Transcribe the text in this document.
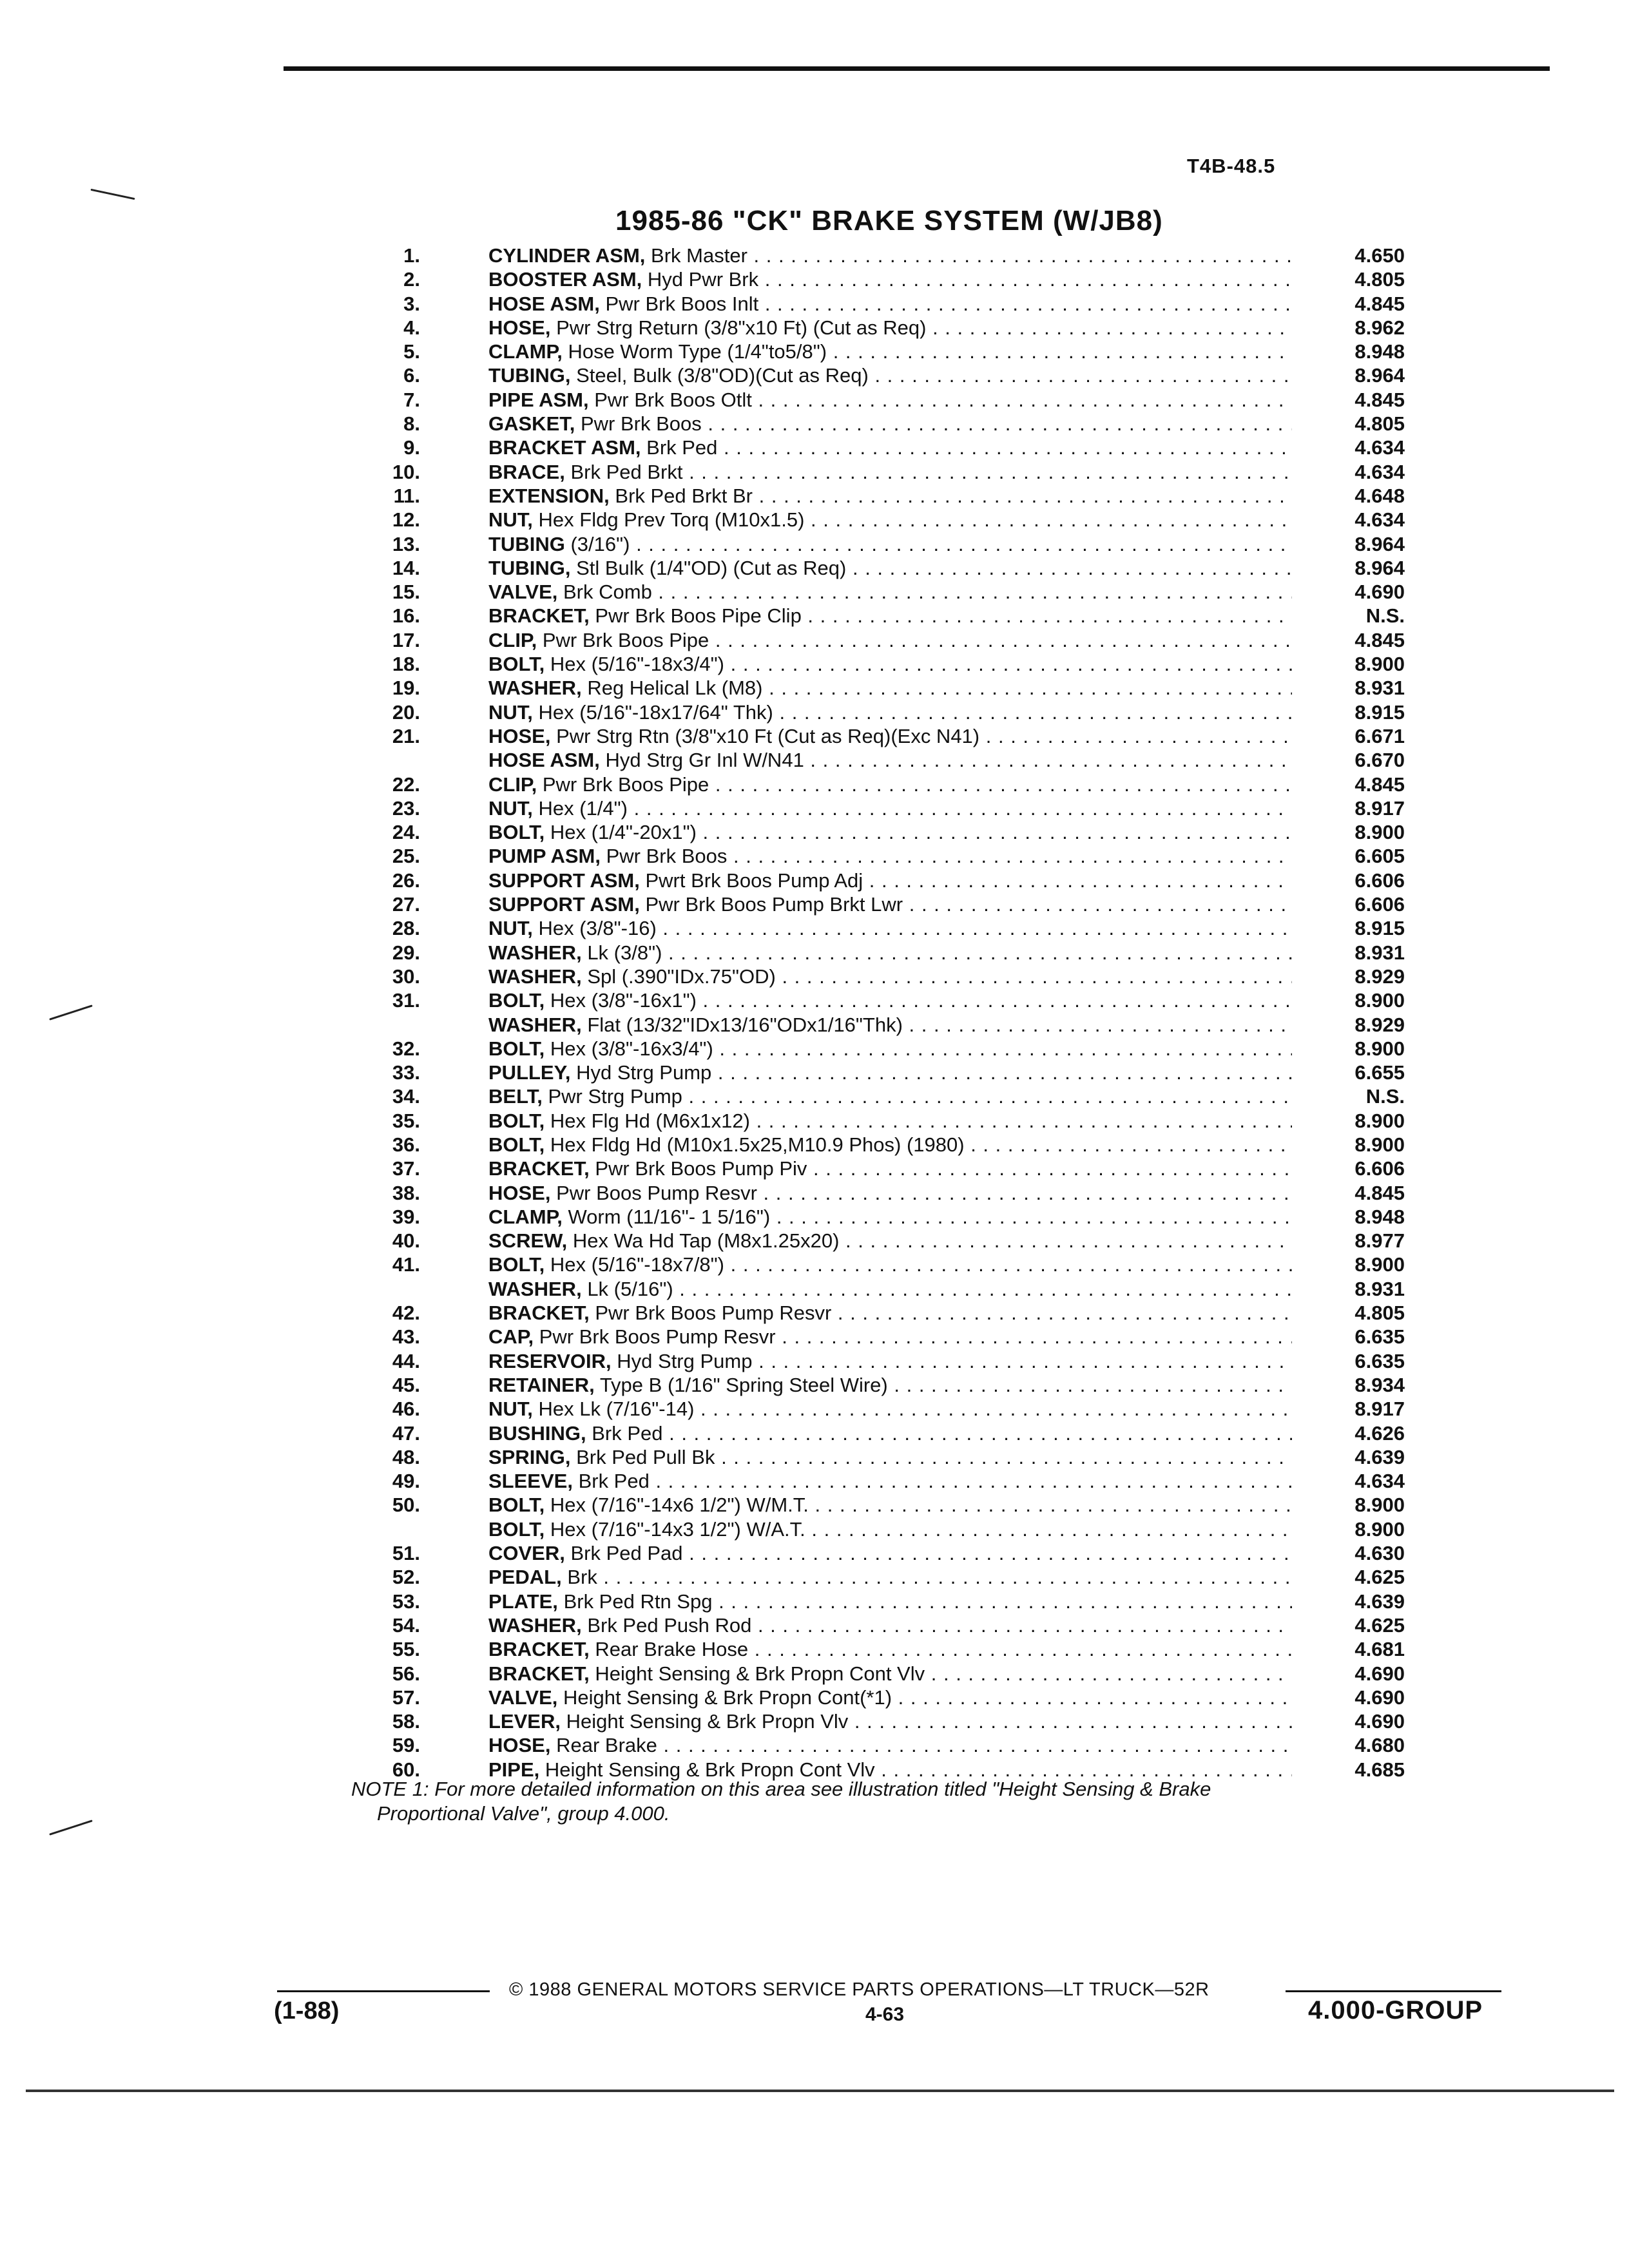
T4B-48.5
1985-86 "CK" BRAKE SYSTEM (W/JB8)
1.	CYLINDER ASM, Brk Master . . .	4.650
2.	BOOSTER ASM, Hyd Pwr Brk . . .	4.805
3.	HOSE ASM, Pwr Brk Boos Inlt . . .	4.845
4.	HOSE, Pwr Strg Return (3/8"x10 Ft) (Cut as Req) . . .	8.962
5.	CLAMP, Hose Worm Type (1/4"to5/8") . . .	8.948
6.	TUBING, Steel, Bulk (3/8"OD)(Cut as Req) . . .	8.964
7.	PIPE ASM, Pwr Brk Boos Otlt . . .	4.845
8.	GASKET, Pwr Brk Boos . . .	4.805
9.	BRACKET ASM, Brk Ped . . .	4.634
10.	BRACE, Brk Ped Brkt . . .	4.634
11.	EXTENSION, Brk Ped Brkt Br . . .	4.648
12.	NUT, Hex Fldg Prev Torq (M10x1.5) . . .	4.634
13.	TUBING (3/16") . . .	8.964
14.	TUBING, Stl Bulk (1/4"OD) (Cut as Req) . . .	8.964
15.	VALVE, Brk Comb . . .	4.690
16.	BRACKET, Pwr Brk Boos Pipe Clip . . .	N.S.
17.	CLIP, Pwr Brk Boos Pipe . . .	4.845
18.	BOLT, Hex (5/16"-18x3/4") . . .	8.900
19.	WASHER, Reg Helical Lk (M8) . . .	8.931
20.	NUT, Hex (5/16"-18x17/64" Thk) . . .	8.915
21.	HOSE, Pwr Strg Rtn (3/8"x10 Ft (Cut as Req)(Exc N41) . . .	6.671
HOSE ASM, Hyd Strg Gr Inl W/N41 . . .	6.670
22.	CLIP, Pwr Brk Boos Pipe . . .	4.845
23.	NUT, Hex (1/4") . . .	8.917
24.	BOLT, Hex (1/4"-20x1") . . .	8.900
25.	PUMP ASM, Pwr Brk Boos . . .	6.605
26.	SUPPORT ASM, Pwrt Brk Boos Pump Adj . . .	6.606
27.	SUPPORT ASM, Pwr Brk Boos Pump Brkt Lwr . . .	6.606
28.	NUT, Hex (3/8"-16) . . .	8.915
29.	WASHER, Lk (3/8") . . .	8.931
30.	WASHER, Spl (.390"IDx.75"OD) . . .	8.929
31.	BOLT, Hex (3/8"-16x1") . . .	8.900
WASHER, Flat (13/32"IDx13/16"ODx1/16"Thk) . . .	8.929
32.	BOLT, Hex (3/8"-16x3/4") . . .	8.900
33.	PULLEY, Hyd Strg Pump . . .	6.655
34.	BELT, Pwr Strg Pump . . .	N.S.
35.	BOLT, Hex Flg Hd (M6x1x12) . . .	8.900
36.	BOLT, Hex Fldg Hd (M10x1.5x25,M10.9 Phos) (1980) . . .	8.900
37.	BRACKET, Pwr Brk Boos Pump Piv . . .	6.606
38.	HOSE, Pwr Boos Pump Resvr . . .	4.845
39.	CLAMP, Worm (11/16"- 1 5/16") . . .	8.948
40.	SCREW, Hex Wa Hd Tap (M8x1.25x20) . . .	8.977
41.	BOLT, Hex (5/16"-18x7/8") . . .	8.900
WASHER, Lk (5/16") . . .	8.931
42.	BRACKET, Pwr Brk Boos Pump Resvr . . .	4.805
43.	CAP, Pwr Brk Boos Pump Resvr . . .	6.635
44.	RESERVOIR, Hyd Strg Pump . . .	6.635
45.	RETAINER, Type B (1/16" Spring Steel Wire) . . .	8.934
46.	NUT, Hex Lk (7/16"-14) . . .	8.917
47.	BUSHING, Brk Ped . . .	4.626
48.	SPRING, Brk Ped Pull Bk . . .	4.639
49.	SLEEVE, Brk Ped . . .	4.634
50.	BOLT, Hex (7/16"-14x6 1/2") W/M.T. . . .	8.900
BOLT, Hex (7/16"-14x3 1/2") W/A.T. . . .	8.900
51.	COVER, Brk Ped Pad . . .	4.630
52.	PEDAL, Brk . . .	4.625
53.	PLATE, Brk Ped Rtn Spg . . .	4.639
54.	WASHER, Brk Ped Push Rod . . .	4.625
55.	BRACKET, Rear Brake Hose . . .	4.681
56.	BRACKET, Height Sensing & Brk Propn Cont Vlv . . .	4.690
57.	VALVE, Height Sensing & Brk Propn Cont(*1) . . .	4.690
58.	LEVER, Height Sensing & Brk Propn Vlv . . .	4.690
59.	HOSE, Rear Brake . . .	4.680
60.	PIPE, Height Sensing & Brk Propn Cont Vlv . . .	4.685
NOTE 1: For more detailed information on this area see illustration titled "Height Sensing & Brake
Proportional Valve", group 4.000.
© 1988 GENERAL MOTORS SERVICE PARTS OPERATIONS—LT TRUCK—52R
(1-88)	4-63	4.000-GROUP
